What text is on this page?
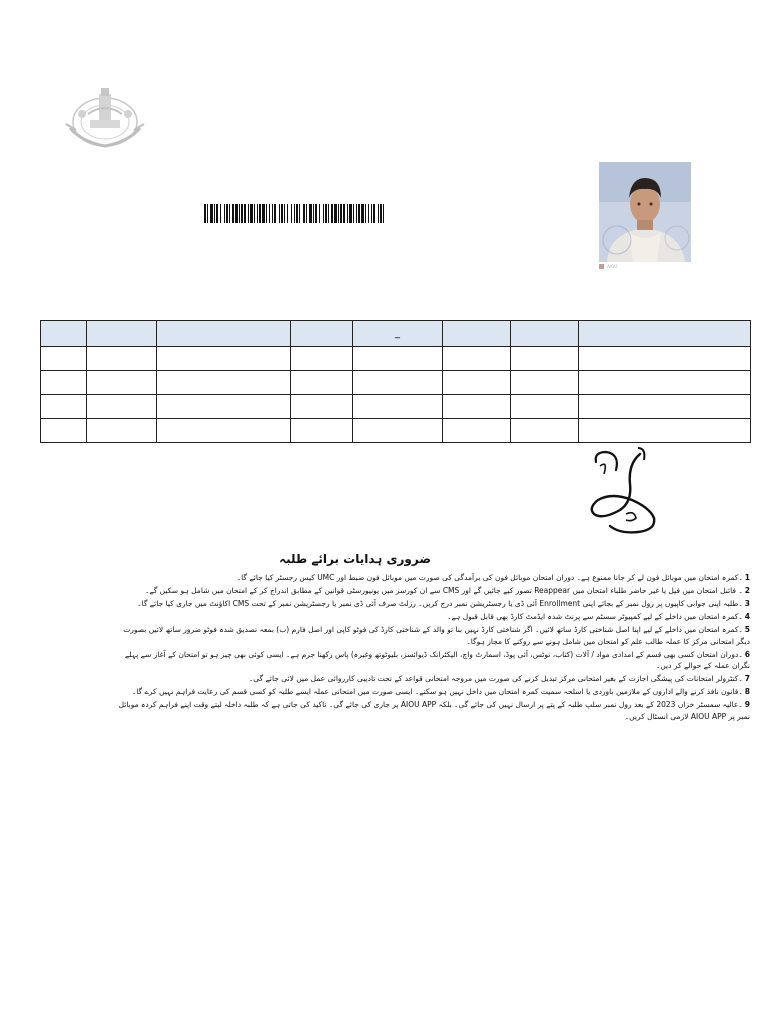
AIOU
				_			

ضروری ہدایات برائے طلبہ
1۔کمرہ امتحان میں موبائل فون لے کر جانا ممنوع ہے۔ دوران امتحان موبائل فون کی برآمدگی کی صورت میں موبائل فون ضبط اور UMC کیس رجسٹر کیا جائے گا۔
2۔ فائنل امتحان میں فیل یا غیر حاضر طلباء امتحان میں Reappear تصور کیے جائیں گے اور CMS سے ان کورسز میں یونیورسٹی قوانین کے مطابق اندراج کر کے امتحان میں شامل ہو سکیں گے۔
3۔طلبہ اپنی جوابی کاپیوں پر رول نمبر کے بجائے اپنی Enrollment آئی ڈی یا رجسٹریشن نمبر درج کریں۔ رزلٹ صرف آئی ڈی نمبر یا رجسٹریشن نمبر کے تحت CMS اکاؤنٹ میں جاری کیا جائے گا۔
4۔کمرہ امتحان میں داخلے کے لیے کمپیوٹر سسٹم سے پرنٹ شدہ ایڈمٹ کارڈ بھی قابل قبول ہے۔
5۔کمرہ امتحان میں داخلے کے لیے اپنا اصل شناختی کارڈ ساتھ لائیں۔ اگر شناختی کارڈ نہیں بنا تو والد کے شناختی کارڈ کی فوٹو کاپی اور اصل فارم (ب) بمعہ تصدیق شدہ فوٹو ضرور ساتھ لائیں بصورت دیگر امتحانی مرکز کا عملہ طالب علم کو امتحان میں شامل ہونے سے روکنے کا مجاز ہوگا۔
6۔دوران امتحان کسی بھی قسم کے امدادی مواد / آلات (کتاب، نوٹس، آئی پوڈ، اسمارٹ واچ، الیکٹرانک ڈیوائسز، بلیوٹوتھ وغیرہ) پاس رکھنا جرم ہے۔ ایسی کوئی بھی چیز ہو تو امتحان کے آغاز سے پہلے نگران عملہ کے حوالے کر دیں۔
7۔کنٹرولر امتحانات کی پیشگی اجازت کے بغیر امتحانی مرکز تبدیل کرنے کی صورت میں مروجہ امتحانی قواعد کے تحت تادیبی کارروائی عمل میں لائی جائے گی۔
8۔قانون نافذ کرنے والے اداروں کے ملازمین باوردی یا اسلحہ سمیت کمرہ امتحان میں داخل نہیں ہو سکتے۔ ایسی صورت میں امتحانی عملہ ایسے طلبہ کو کسی قسم کی رعایت فراہم نہیں کرے گا۔
9۔عالیہ سمسٹر خزاں 2023 کے بعد رول نمبر سلپ طلبہ کے پتے پر ارسال نہیں کی جائے گی۔ بلکہ AIOU APP پر جاری کی جائے گی۔ تاکید کی جاتی ہے کہ طلبہ داخلہ لیتے وقت اپنے فراہم کردہ موبائل نمبر پر AIOU APP لازمی انسٹال کریں۔
